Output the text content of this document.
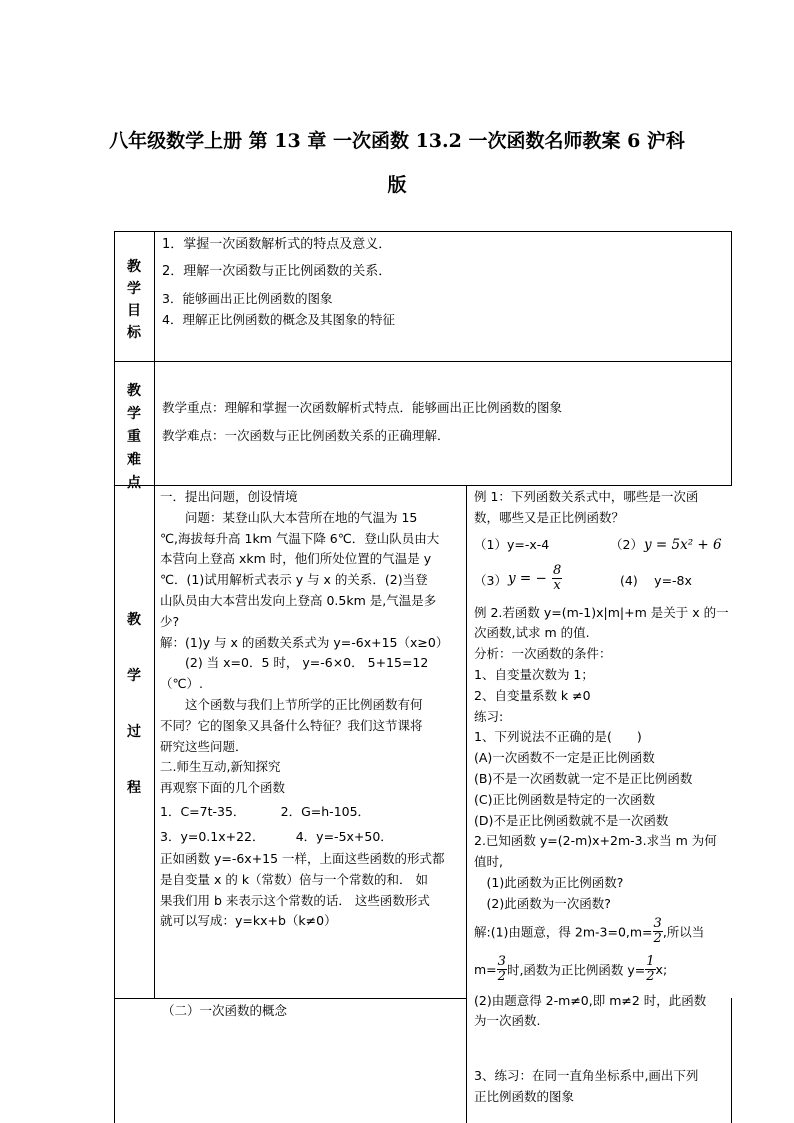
八年级数学上册 第 13 章 一次函数 13.2 一次函数名师教案 6 沪科
版
教
学
目
标
1．掌握一次函数解析式的特点及意义．
2．理解一次函数与正比例函数的关系．
3．能够画出正比例函数的图象
4．理解正比例函数的概念及其图象的特征
教
学
重
难
点
教学重点：理解和掌握一次函数解析式特点．能够画出正比例函数的图象
教学难点：一次函数与正比例函数关系的正确理解．
教
学
过
程
一．提出问题，创设情境
　　问题：某登山队大本营所在地的气温为 15
℃,海拔每升高 1km 气温下降 6℃．登山队员由大
本营向上登高 xkm 时，他们所处位置的气温是 y
℃．(1)试用解析式表示 y 与 x 的关系．(2)当登
山队员由大本营出发向上登高 0.5km 是,气温是多
少?
解：(1)y 与 x 的函数关系式为 y=-6x+15（x≥0）
　　(2) 当 x=0．5 时， y=-6×0． 5+15=12
（℃）.
　　这个函数与我们上节所学的正比例函数有何
不同？它的图象又具备什么特征？我们这节课将
研究这些问题．
二.师生互动,新知探究
再观察下面的几个函数
1．C=7t-35．　　　 2．G=h-105．
3．y=0.1x+22．　　　4．y=-5x+50．
正如函数 y=-6x+15 一样，上面这些函数的形式都
是自变量 x 的 k（常数）倍与一个常数的和． 如
果我们用 b 来表示这个常数的话． 这些函数形式
就可以写成：y=kx+b（k≠0）
（二）一次函数的概念
例 1：下列函数关系式中，哪些是一次函
数，哪些又是正比例函数？
（1）y=-x-4	（2） y = 5x² + 6
（3） y = − $\frac{8}{x}$	(4)　 y=-8x
例 2.若函数 y=(m-1)x|m|+m 是关于 x 的一
次函数,试求 m 的值.
分析：一次函数的条件：
1、自变量次数为 1；
2、自变量系数 k ≠0
练习:
1、下列说法不正确的是(　　)
(A)一次函数不一定是正比例函数
(B)不是一次函数就一定不是正比例函数
(C)正比例函数是特定的一次函数
(D)不是正比例函数就不是一次函数
2.已知函数 y=(2-m)x+2m-3.求当 m 为何
值时,
　(1)此函数为正比例函数?
　(2)此函数为一次函数?
解:(1)由题意，得 $2m-3=0,m= \frac{3}{2}$ ,所以当
$m= \frac{3}{2}$ 时,函数为正比例函数 $y= \frac{1}{2} x$;
(2)由题意得 2-m≠0,即 m≠2 时，此函数
为一次函数.
3、练习：在同一直角坐标系中,画出下列
正比例函数的图象
